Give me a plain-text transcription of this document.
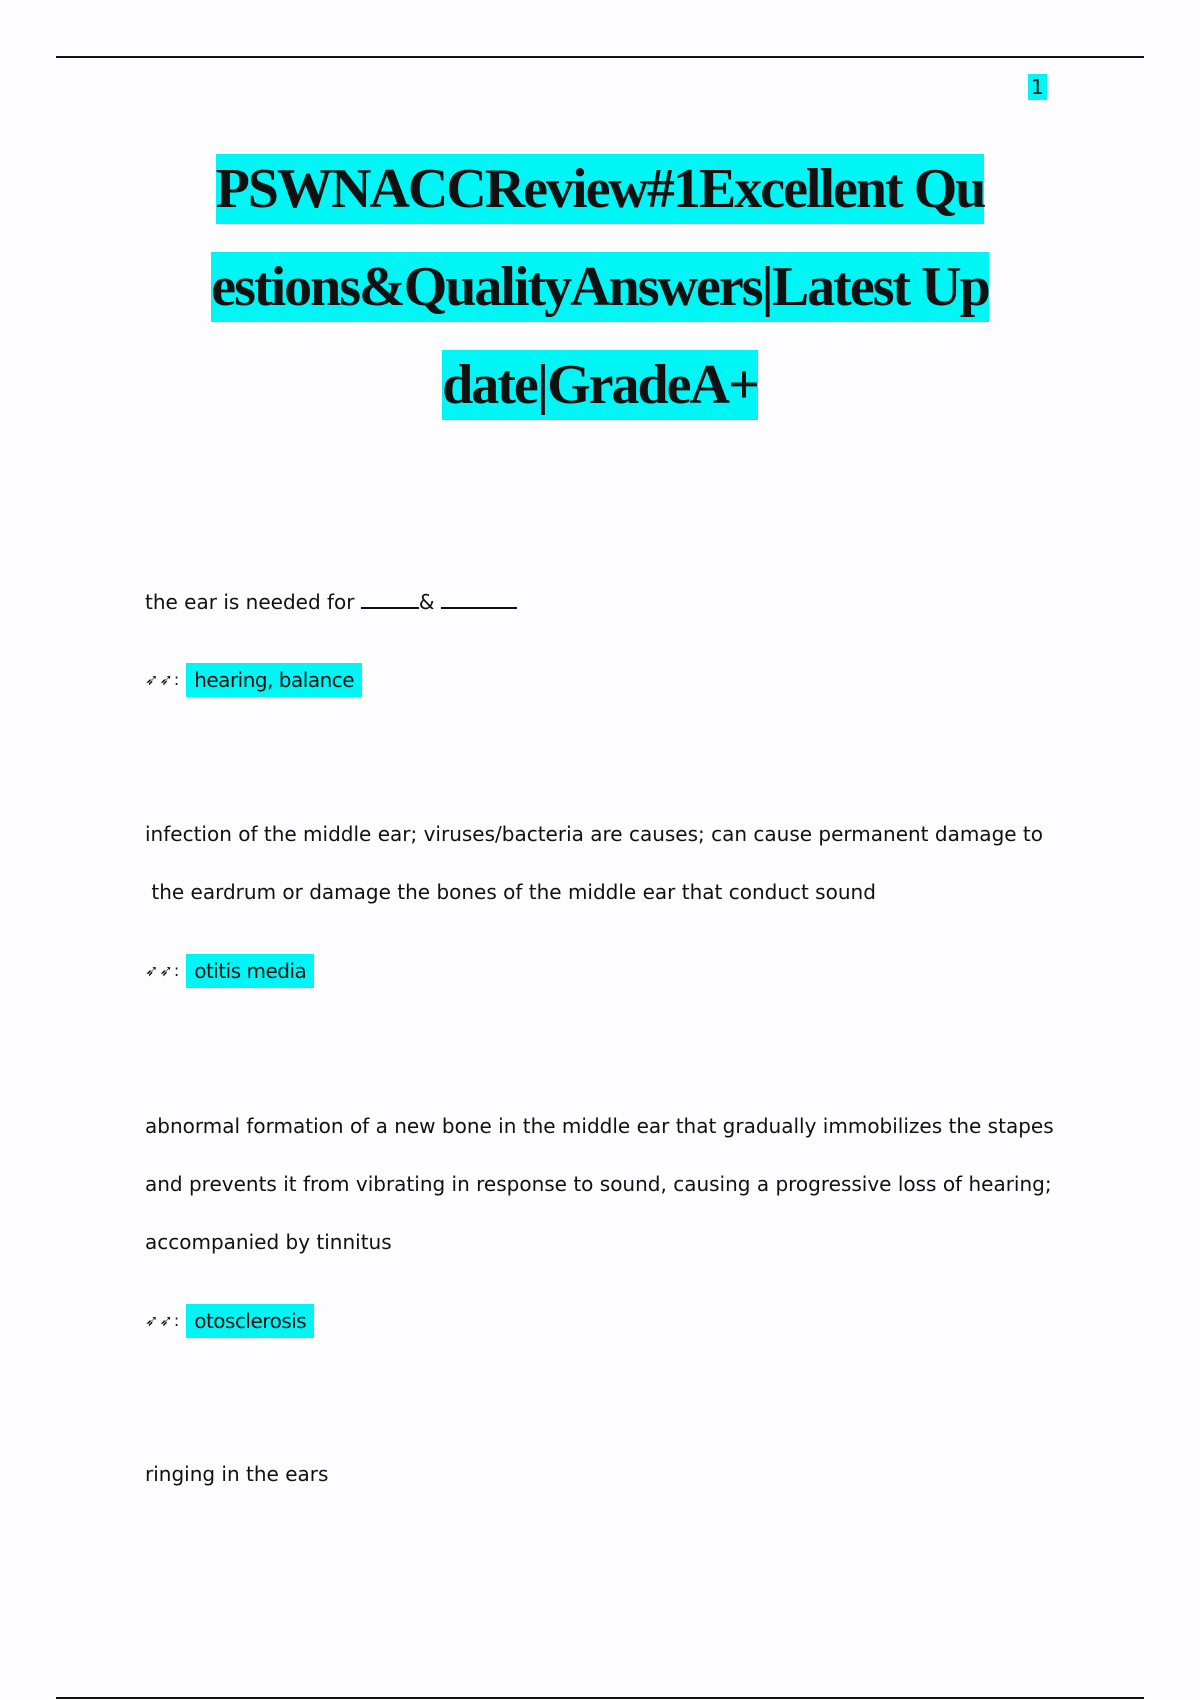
1
PSWNACCReview#1Excellent Qu
estions&QualityAnswers|Latest Up
date|GradeA+
the ear is needed for	&
➶➶: hearing, balance
infection of the middle ear; viruses/bacteria are causes; can cause permanent damage to
the eardrum or damage the bones of the middle ear that conduct sound
➶➶: otitis media
abnormal formation of a new bone in the middle ear that gradually immobilizes the stapes
and prevents it from vibrating in response to sound, causing a progressive loss of hearing;
accompanied by tinnitus
➶➶: otosclerosis
ringing in the ears
